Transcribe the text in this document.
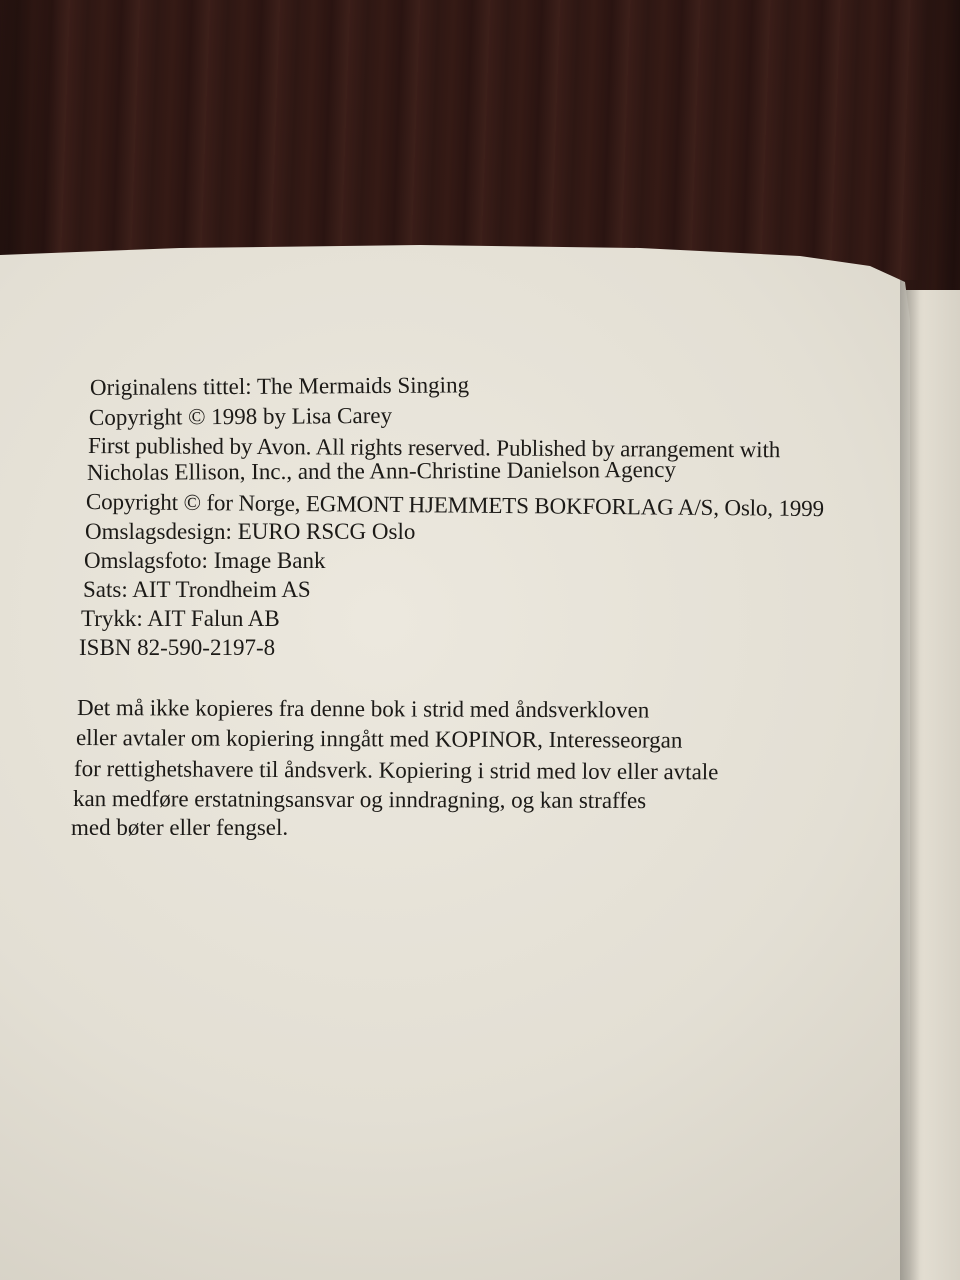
Originalens tittel: The Mermaids Singing
Copyright © 1998 by Lisa Carey
First published by Avon. All rights reserved. Published by arrangement with
Nicholas Ellison, Inc., and the Ann-Christine Danielson Agency
Copyright © for Norge, EGMONT HJEMMETS BOKFORLAG A/S, Oslo, 1999
Omslagsdesign: EURO RSCG Oslo
Omslagsfoto: Image Bank
Sats: AIT Trondheim AS
Trykk: AIT Falun AB
ISBN 82-590-2197-8
Det må ikke kopieres fra denne bok i strid med åndsverkloven
eller avtaler om kopiering inngått med KOPINOR, Interesseorgan
for rettighetshavere til åndsverk. Kopiering i strid med lov eller avtale
kan medføre erstatningsansvar og inndragning, og kan straffes
med bøter eller fengsel.
